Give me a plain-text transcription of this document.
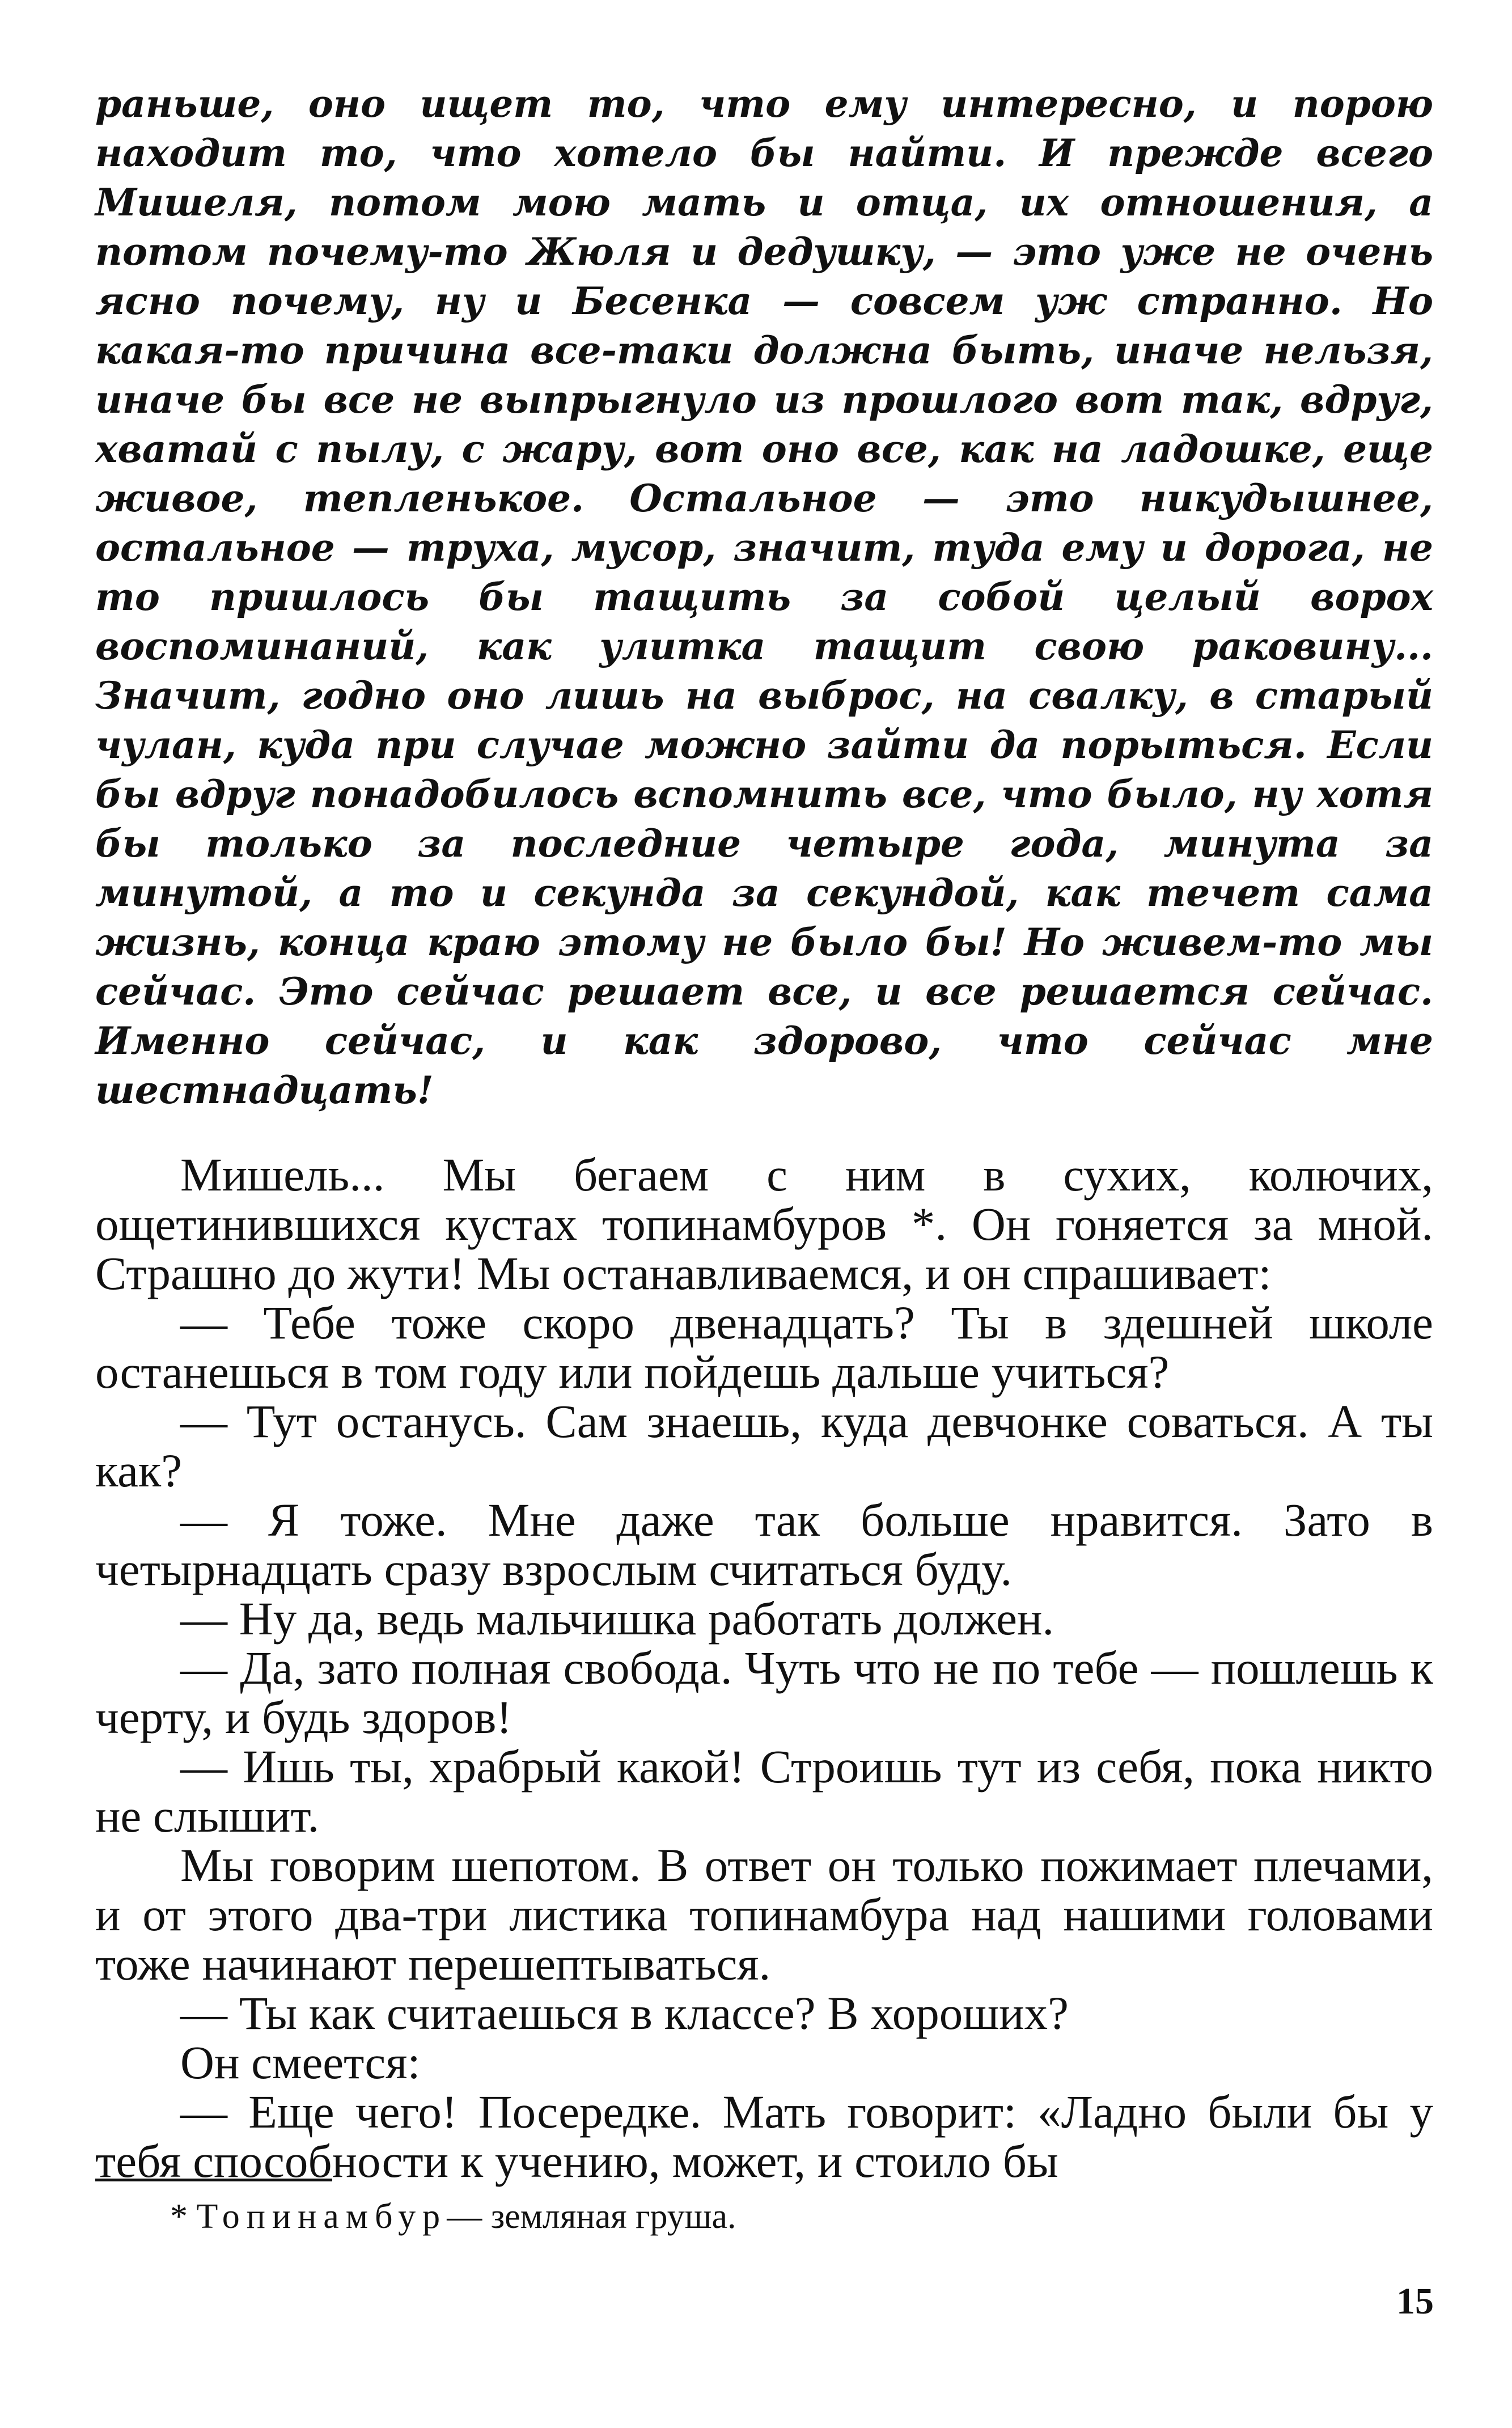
раньше, оно ищет то, что ему интересно, и порою находит то, что хотело бы найти. И прежде всего Мишеля, потом мою мать и отца, их отношения, а потом почему-то Жюля и дедушку, — это уже не очень ясно почему, ну и Бесенка — совсем уж странно. Но какая-то причина все-таки должна быть, иначе нельзя, иначе бы все не выпрыгнуло из прошлого вот так, вдруг, хватай с пылу, с жару, вот оно все, как на ладошке, еще живое, тепленькое. Остальное — это никудышнее, остальное — труха, мусор, значит, туда ему и дорога, не то пришлось бы тащить за собой целый ворох воспоминаний, как улитка тащит свою раковину... Значит, годно оно лишь на выброс, на свалку, в старый чулан, куда при случае можно зайти да порыться. Если бы вдруг понадобилось вспомнить все, что было, ну хотя бы только за последние четыре года, минута за минутой, а то и секунда за секундой, как течет сама жизнь, конца краю этому не было бы! Но живем-то мы сейчас. Это сейчас решает все, и все решается сейчас. Именно сейчас, и как здорово, что сейчас мне шестнадцать!

Мишель... Мы бегаем с ним в сухих, колючих, ощетинившихся кустах топинамбуров *. Он гоняется за мной. Страшно до жути! Мы останавливаемся, и он спрашивает:

— Тебе тоже скоро двенадцать? Ты в здешней школе останешься в том году или пойдешь дальше учиться?

— Тут останусь. Сам знаешь, куда девчонке соваться. А ты как?

— Я тоже. Мне даже так больше нравится. Зато в четырнадцать сразу взрослым считаться буду.

— Ну да, ведь мальчишка работать должен.

— Да, зато полная свобода. Чуть что не по тебе — пошлешь к черту, и будь здоров!

— Ишь ты, храбрый какой! Строишь тут из себя, пока никто не слышит.

Мы говорим шепотом. В ответ он только пожимает плечами, и от этого два-три листика топинамбура над нашими головами тоже начинают перешептываться.

— Ты как считаешься в классе? В хороших?

Он смеется:

— Еще чего! Посередке. Мать говорит: «Ладно были бы у тебя способности к учению, может, и стоило бы

* Топинамбур— земляная груша.
15
